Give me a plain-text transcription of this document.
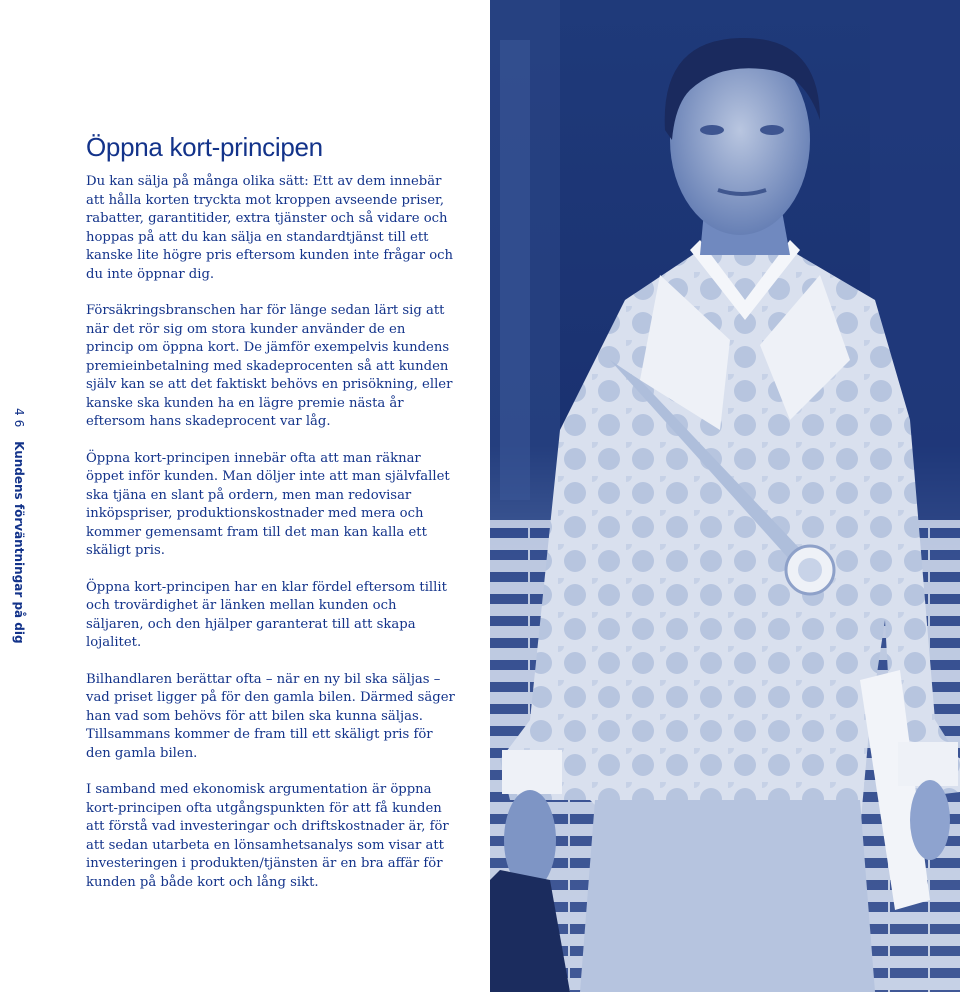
46 Kundens förväntningar på dig
Öppna kort-principen

Du kan sälja på många olika sätt: Ett av dem innebär att hålla korten tryckta mot kroppen avseende priser, rabatter, garantitider, extra tjänster och så vidare och hoppas på att du kan sälja en standardtjänst till ett kanske lite högre pris eftersom kunden inte frågar och du inte öppnar dig.

Försäkringsbranschen har för länge sedan lärt sig att när det rör sig om stora kunder använder de en princip om öppna kort. De jämför exempelvis kundens premieinbetalning med skadeprocenten så att kunden själv kan se att det faktiskt behövs en prisökning, eller kanske ska kunden ha en lägre premie nästa år eftersom hans skadeprocent var låg.

Öppna kort-principen innebär ofta att man räknar öppet inför kunden. Man döljer inte att man självfallet ska tjäna en slant på ordern, men man redovisar inköpspriser, produktionskostnader med mera och kommer gemensamt fram till det man kan kalla ett skäligt pris.

Öppna kort-principen har en klar fördel eftersom tillit och trovärdighet är länken mellan kunden och säljaren, och den hjälper garanterat till att skapa lojalitet.

Bilhandlaren berättar ofta – när en ny bil ska säljas – vad priset ligger på för den gamla bilen. Därmed säger han vad som behövs för att bilen ska kunna säljas. Tillsammans kommer de fram till ett skäligt pris för den gamla bilen.

I samband med ekonomisk argumentation är öppna kort-principen ofta utgångspunkten för att få kunden att förstå vad investeringar och driftskostnader är, för att sedan utarbeta en lönsamhetsanalys som visar att investeringen i produkten/tjänsten är en bra affär för kunden på både kort och lång sikt.
